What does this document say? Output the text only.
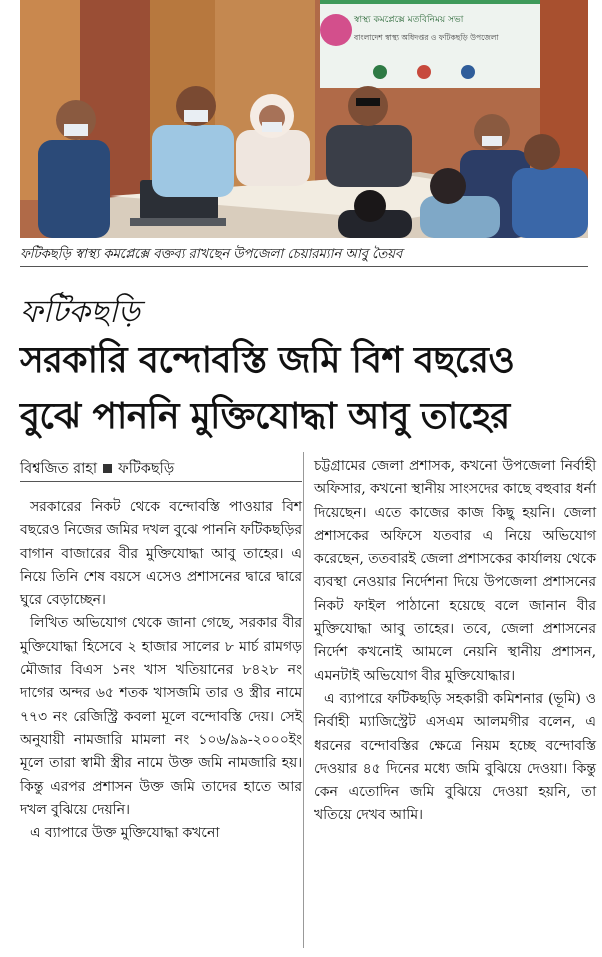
স্বাস্থ্য কমপ্লেক্সে মতবিনিময় সভা
বাংলাদেশ স্বাস্থ্য অধিদপ্তর ও ফটিকছড়ি উপজেলা
ফটিকছড়ি স্বাস্থ্য কমপ্লেক্সে বক্তব্য রাখছেন উপজেলা চেয়ারম্যান আবু তৈয়ব
ফটিকছড়ি
সরকারি বন্দোবস্তি জমি বিশ বছরেও
বুঝে পাননি মুক্তিযোদ্ধা আবু তাহের
বিশ্বজিত রাহা ফটিকছড়ি

সরকারের নিকট থেকে বন্দোবস্তি পাওয়ার বিশ বছরেও নিজের জমির দখল বুঝে পাননি ফটিকছড়ির বাগান বাজারের বীর মুক্তিযোদ্ধা আবু তাহের। এ নিয়ে তিনি শেষ বয়সে এসেও প্রশাসনের দ্বারে দ্বারে ঘুরে বেড়াচ্ছেন।

লিখিত অভিযোগ থেকে জানা গেছে, সরকার বীর মুক্তিযোদ্ধা হিসেবে ২ হাজার সালের ৮ মার্চ রামগড় মৌজার বিএস ১নং খাস খতিয়ানের ৮৪২৮ নং দাগের অন্দর ৬৫ শতক খাসজমি তার ও স্ত্রীর নামে ৭৭৩ নং রেজিস্ট্রি কবলা মূলে বন্দোবস্তি দেয়। সেই অনুযায়ী নামজারি মামলা নং ১০৬/৯৯-২০০০ইং মূলে তারা স্বামী স্ত্রীর নামে উক্ত জমি নামজারি হয়। কিন্তু এরপর প্রশাসন উক্ত জমি তাদের হাতে আর দখল বুঝিয়ে দেয়নি।

এ ব্যাপারে উক্ত মুক্তিযোদ্ধা কখনো

চট্টগ্রামের জেলা প্রশাসক, কখনো উপজেলা নির্বাহী অফিসার, কখনো স্থানীয় সাংসদের কাছে বহুবার ধর্না দিয়েছেন। এতে কাজের কাজ কিছু হয়নি। জেলা প্রশাসকের অফিসে যতবার এ নিয়ে অভিযোগ করেছেন, ততবারই জেলা প্রশাসকের কার্যালয় থেকে ব্যবস্থা নেওয়ার নির্দেশনা দিয়ে উপজেলা প্রশাসনের নিকট ফাইল পাঠানো হয়েছে বলে জানান বীর মুক্তিযোদ্ধা আবু তাহের। তবে, জেলা প্রশাসনের নির্দেশ কখনোই আমলে নেয়নি স্থানীয় প্রশাসন, এমনটাই অভিযোগ বীর মুক্তিযোদ্ধার।

এ ব্যাপারে ফটিকছড়ি সহকারী কমিশনার (ভূমি) ও নির্বাহী ম্যাজিস্ট্রেট এসএম আলমগীর বলেন, এ ধরনের বন্দোবস্তির ক্ষেত্রে নিয়ম হচ্ছে বন্দোবস্তি দেওয়ার ৪৫ দিনের মধ্যে জমি বুঝিয়ে দেওয়া। কিন্তু কেন এতোদিন জমি বুঝিয়ে দেওয়া হয়নি, তা খতিয়ে দেখব আমি।
